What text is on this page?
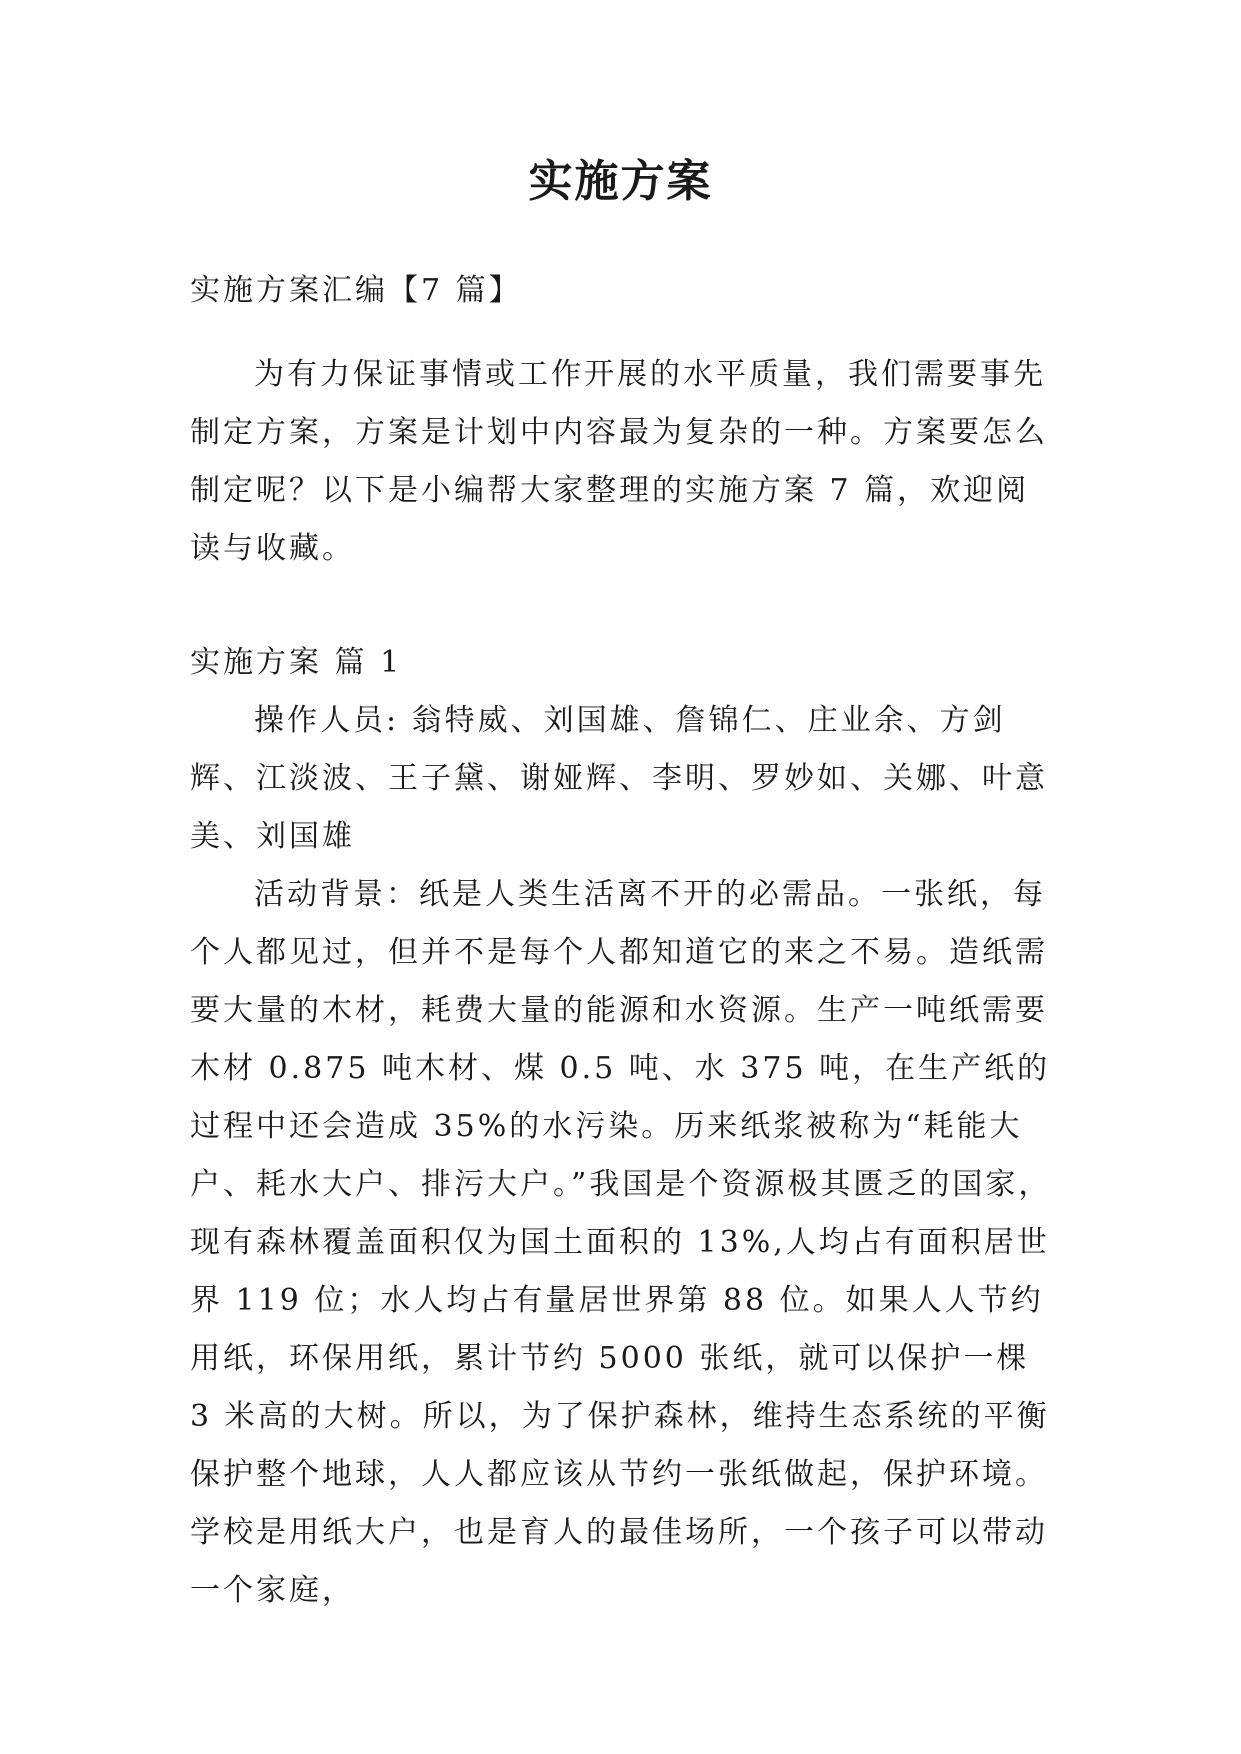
实施方案

实施方案汇编【7 篇】

为有力保证事情或工作开展的水平质量，我们需要事先制定方案，方案是计划中内容最为复杂的一种。方案要怎么制定呢？以下是小编帮大家整理的实施方案 7 篇，欢迎阅读与收藏。

实施方案 篇 1

操作人员: 翁特威、刘国雄、詹锦仁、庄业余、方剑辉、江淡波、王子黛、谢娅辉、李明、罗妙如、关娜、叶意美、刘国雄

活动背景：纸是人类生活离不开的必需品。一张纸，每个人都见过，但并不是每个人都知道它的来之不易。造纸需要大量的木材，耗费大量的能源和水资源。生产一吨纸需要木材 0.875 吨木材、煤 0.5 吨、水 375 吨，在生产纸的过程中还会造成 35%的水污染。历来纸浆被称为“耗能大户、耗水大户、排污大户。”我国是个资源极其匮乏的国家，现有森林覆盖面积仅为国土面积的 13%,人均占有面积居世界 119 位；水人均占有量居世界第 88 位。如果人人节约用纸，环保用纸，累计节约 5000 张纸，就可以保护一棵 3 米高的大树。所以，为了保护森林，维持生态系统的平衡保护整个地球，人人都应该从节约一张纸做起，保护环境。学校是用纸大户，也是育人的最佳场所，一个孩子可以带动一个家庭，
